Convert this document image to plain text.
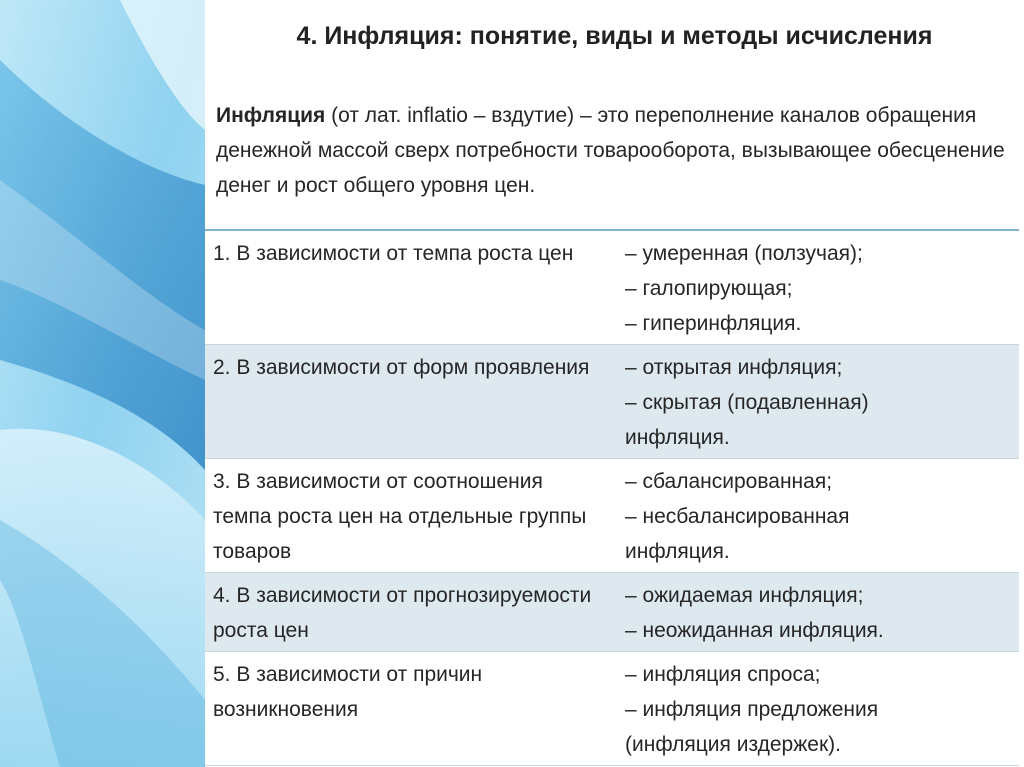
4. Инфляция: понятие, виды и методы исчисления
Инфляция (от лат. inflatio – вздутие) – это переполнение каналов обращения денежной массой сверх потребности товарооборота, вызывающее обесценение денег и рост общего уровня цен.
1. В зависимости от темпа роста цен	– умеренная (ползучая);
– галопирующая;
– гиперинфляция.

2. В зависимости от форм проявления	– открытая инфляция;
– скрытая (подавленная)
инфляция.

3. В зависимости от соотношения темпа роста цен на отдельные группы товаров	– сбалансированная;
– несбалансированная
инфляция.

4. В зависимости от прогнозируемости роста цен	– ожидаемая инфляция;
– неожиданная инфляция.

5. В зависимости от причин возникновения	– инфляция спроса;
– инфляция предложения
(инфляция издержек).
